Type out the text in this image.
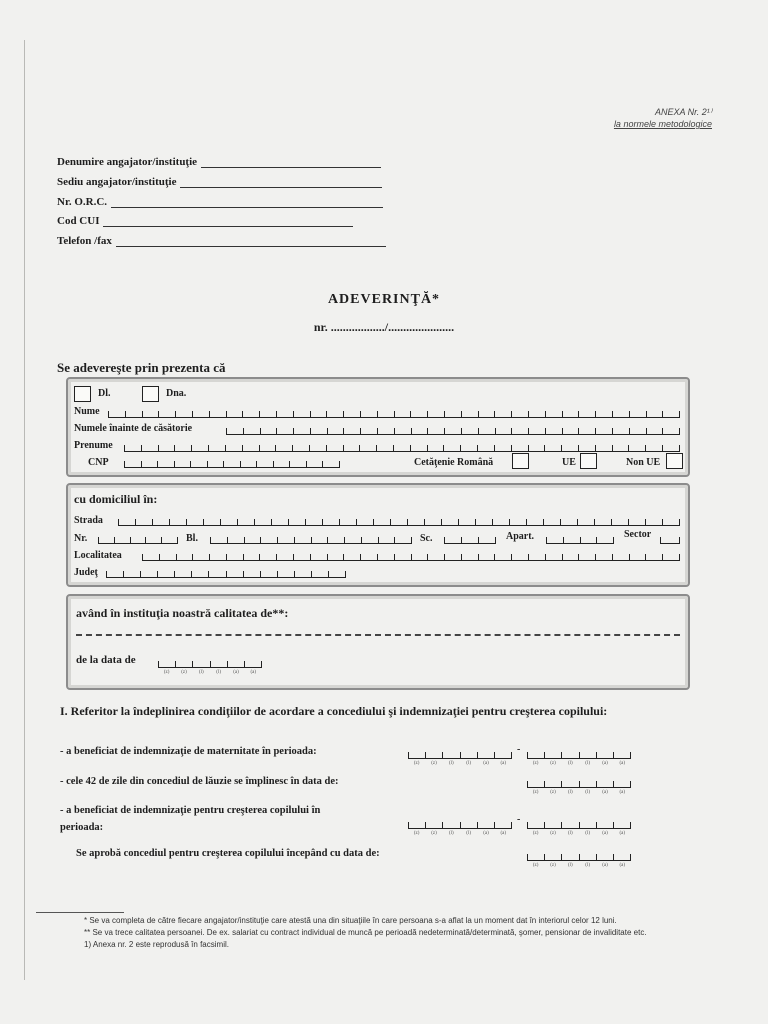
ANEXA Nr. 2¹⁾
la normele metodologice
Denumire angajator/instituţie
Sediu angajator/instituţie
Nr. O.R.C.
Cod CUI
Telefon /fax
ADEVERINŢĂ*
nr. ................../......................
Se adevereşte prin prezenta că
Dl.	Dna.
Nume
Numele înainte de căsătorie
Prenume
CNP	Cetăţenie Română	UE	Non UE
cu domiciliul în:
Strada
Nr.	Bl.	Sc.	Apart.	Sector
Localitatea
Judeţ
având în instituţia noastră calitatea de**:
de la data de
(z)	(z)	(l)	(l)	(a)	(a)
I. Referitor la îndeplinirea condiţiilor de acordare a concediului şi indemnizaţiei pentru creşterea copilului:
- a beneficiat de indemnizaţie de maternitate în perioada:
(z)	(z)	(l)	(l)	(a)	(a)
-
(z)	(z)	(l)	(l)	(a)	(a)
- cele 42 de zile din concediul de lăuzie se împlinesc în data de:
(z)	(z)	(l)	(l)	(a)	(a)
- a beneficiat de indemnizaţie pentru creşterea copilului în
perioada:
(z)	(z)	(l)	(l)	(a)	(a)
-
(z)	(z)	(l)	(l)	(a)	(a)
Se aprobă concediul pentru creşterea copilului începând cu data de:
(z)	(z)	(l)	(l)	(a)	(a)
* Se va completa de către fiecare angajator/instituţie care atestă una din situaţiile în care persoana s-a aflat la un moment dat în interiorul celor 12 luni.
** Se va trece calitatea persoanei. De ex. salariat cu contract individual de muncă pe perioadă nedeterminată/determinată, şomer, pensionar de invaliditate etc.
1) Anexa nr. 2 este reprodusă în facsimil.
